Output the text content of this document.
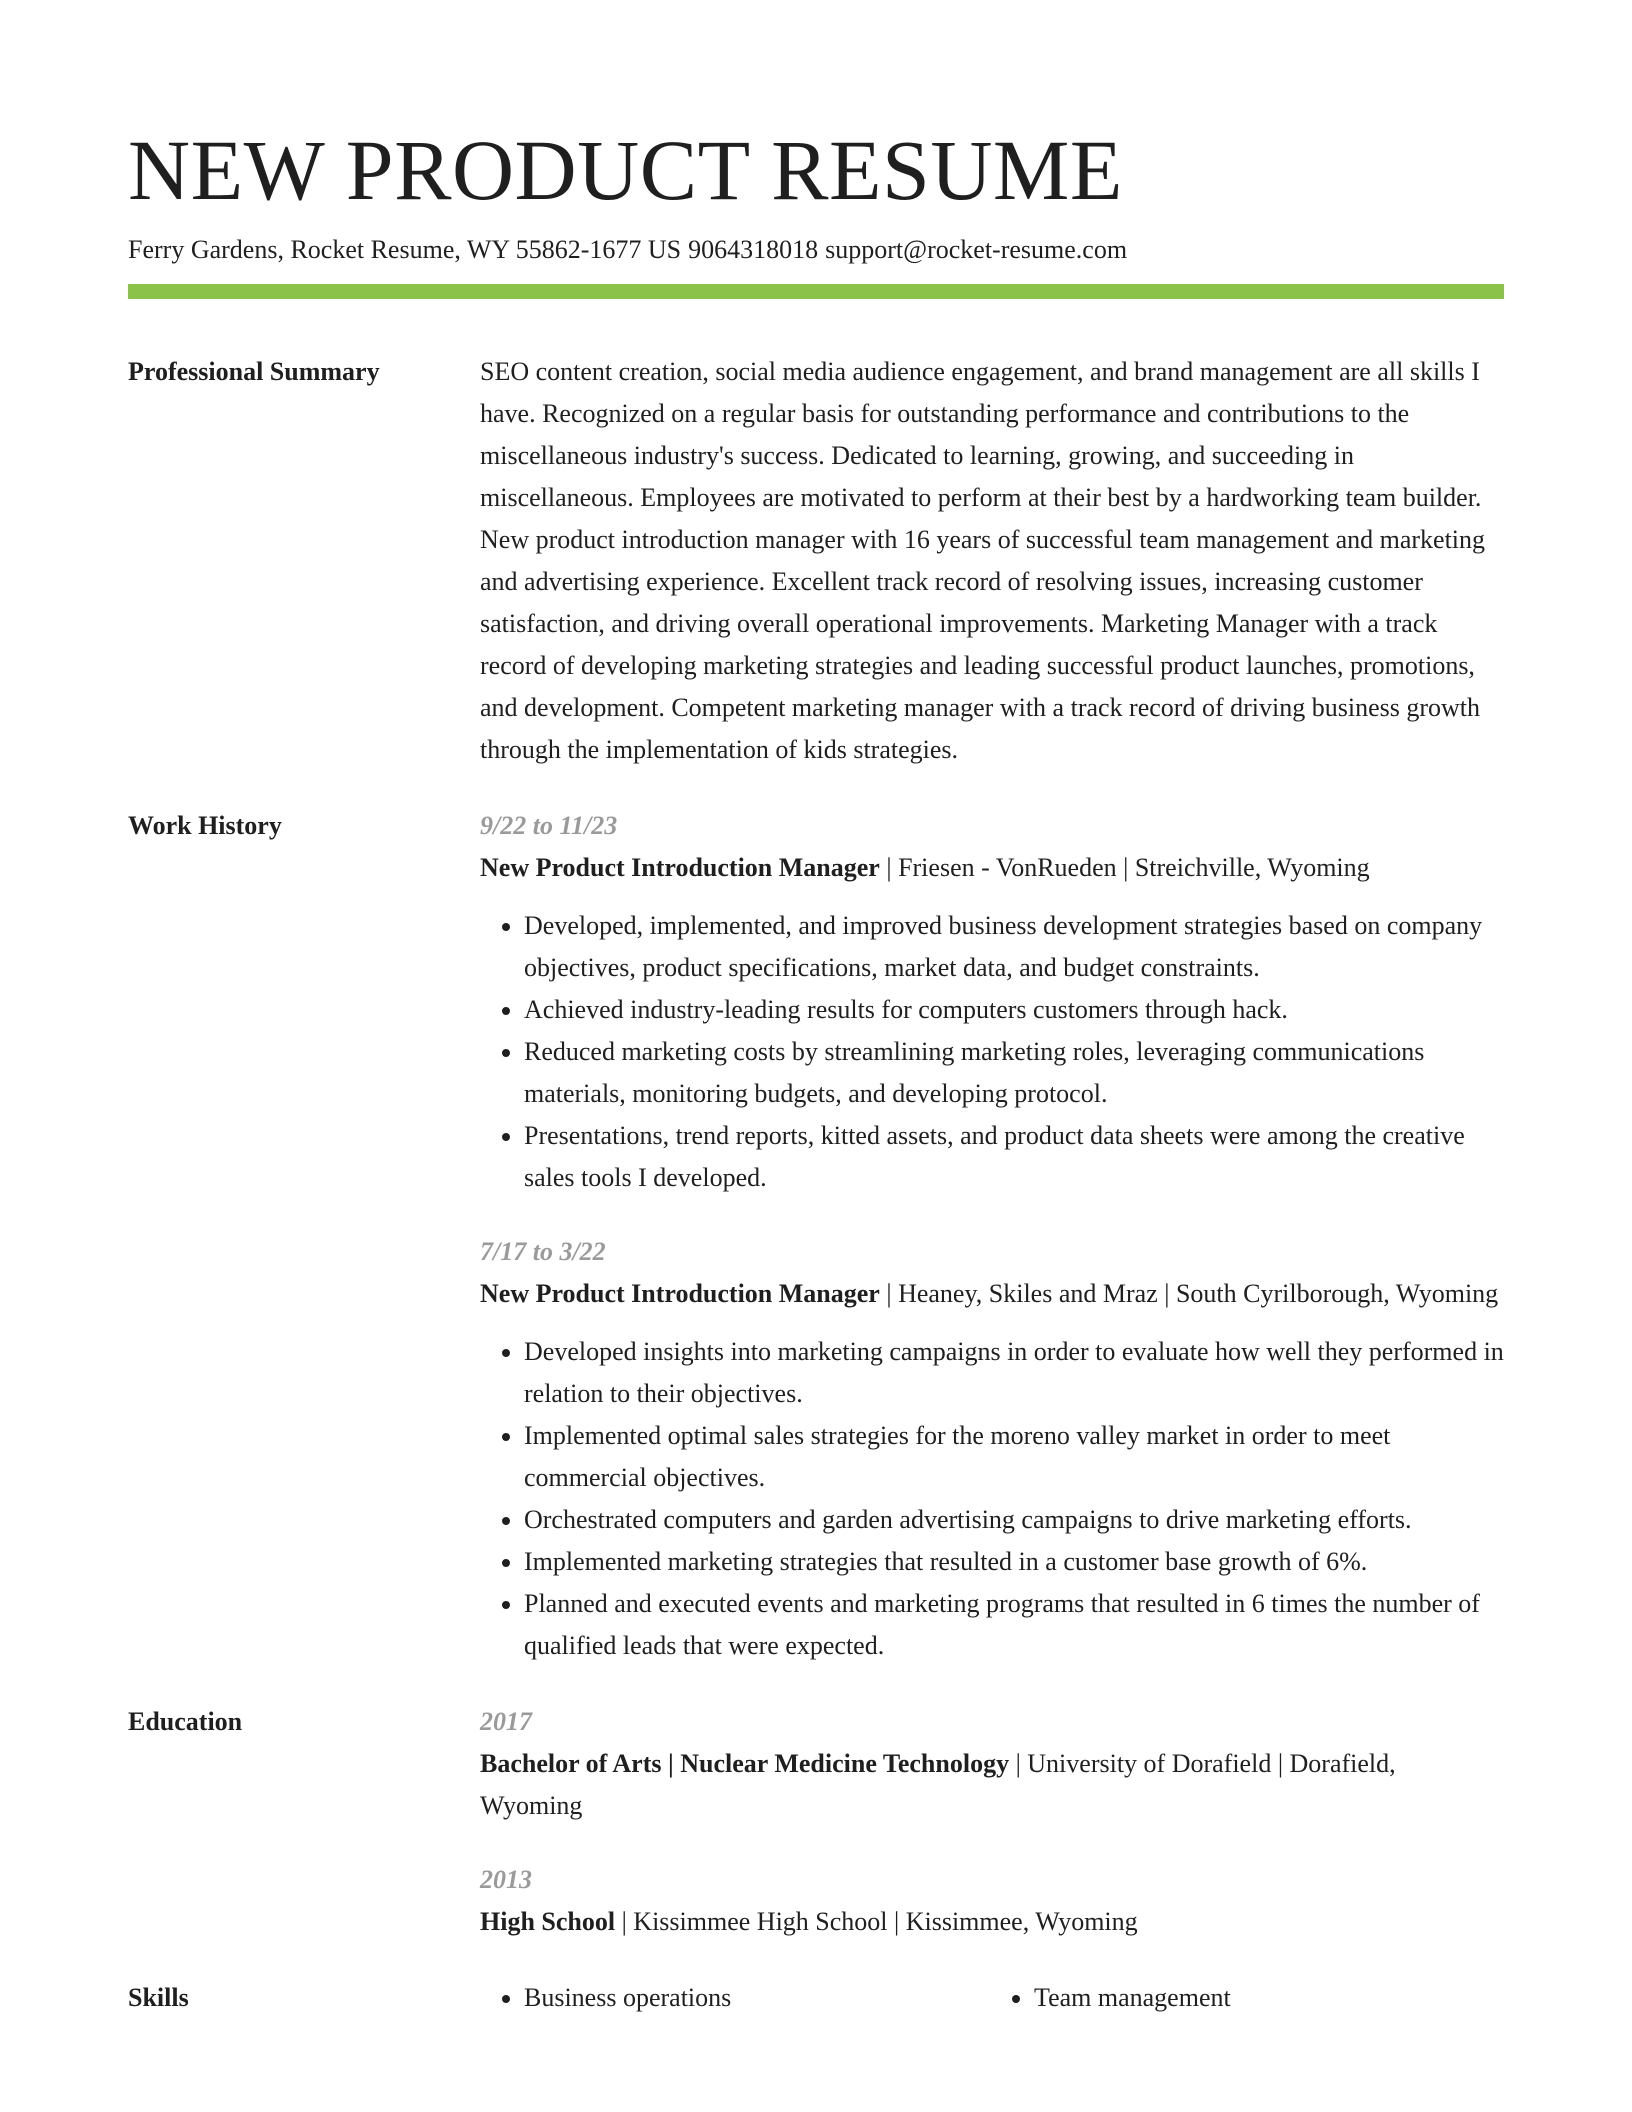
NEW PRODUCT RESUME
Ferry Gardens, Rocket Resume, WY 55862-1677 US 9064318018 support@rocket-resume.com
Professional Summary	SEO content creation, social media audience engagement, and brand management are all skills I have. Recognized on a regular basis for outstanding performance and contributions to the miscellaneous industry's success. Dedicated to learning, growing, and succeeding in miscellaneous. Employees are motivated to perform at their best by a hardworking team builder. New product introduction manager with 16 years of successful team management and marketing and advertising experience. Excellent track record of resolving issues, increasing customer satisfaction, and driving overall operational improvements. Marketing Manager with a track record of developing marketing strategies and leading successful product launches, promotions, and development. Competent marketing manager with a track record of driving business growth through the implementation of kids strategies.

Work History	9/22 to 11/23
New Product Introduction Manager | Friesen - VonRueden | Streichville, Wyoming
• Developed, implemented, and improved business development strategies based on company objectives, product specifications, market data, and budget constraints.
• Achieved industry-leading results for computers customers through hack.
• Reduced marketing costs by streamlining marketing roles, leveraging communications materials, monitoring budgets, and developing protocol.
• Presentations, trend reports, kitted assets, and product data sheets were among the creative sales tools I developed.
7/17 to 3/22
New Product Introduction Manager | Heaney, Skiles and Mraz | South Cyrilborough, Wyoming
• Developed insights into marketing campaigns in order to evaluate how well they performed in relation to their objectives.
• Implemented optimal sales strategies for the moreno valley market in order to meet commercial objectives.
• Orchestrated computers and garden advertising campaigns to drive marketing efforts.
• Implemented marketing strategies that resulted in a customer base growth of 6%.
• Planned and executed events and marketing programs that resulted in 6 times the number of qualified leads that were expected.
Education	2017
Bachelor of Arts | Nuclear Medicine Technology | University of Dorafield | Dorafield, Wyoming
2013
High School | Kissimmee High School | Kissimmee, Wyoming
Skills	• Business operations	• Team management
